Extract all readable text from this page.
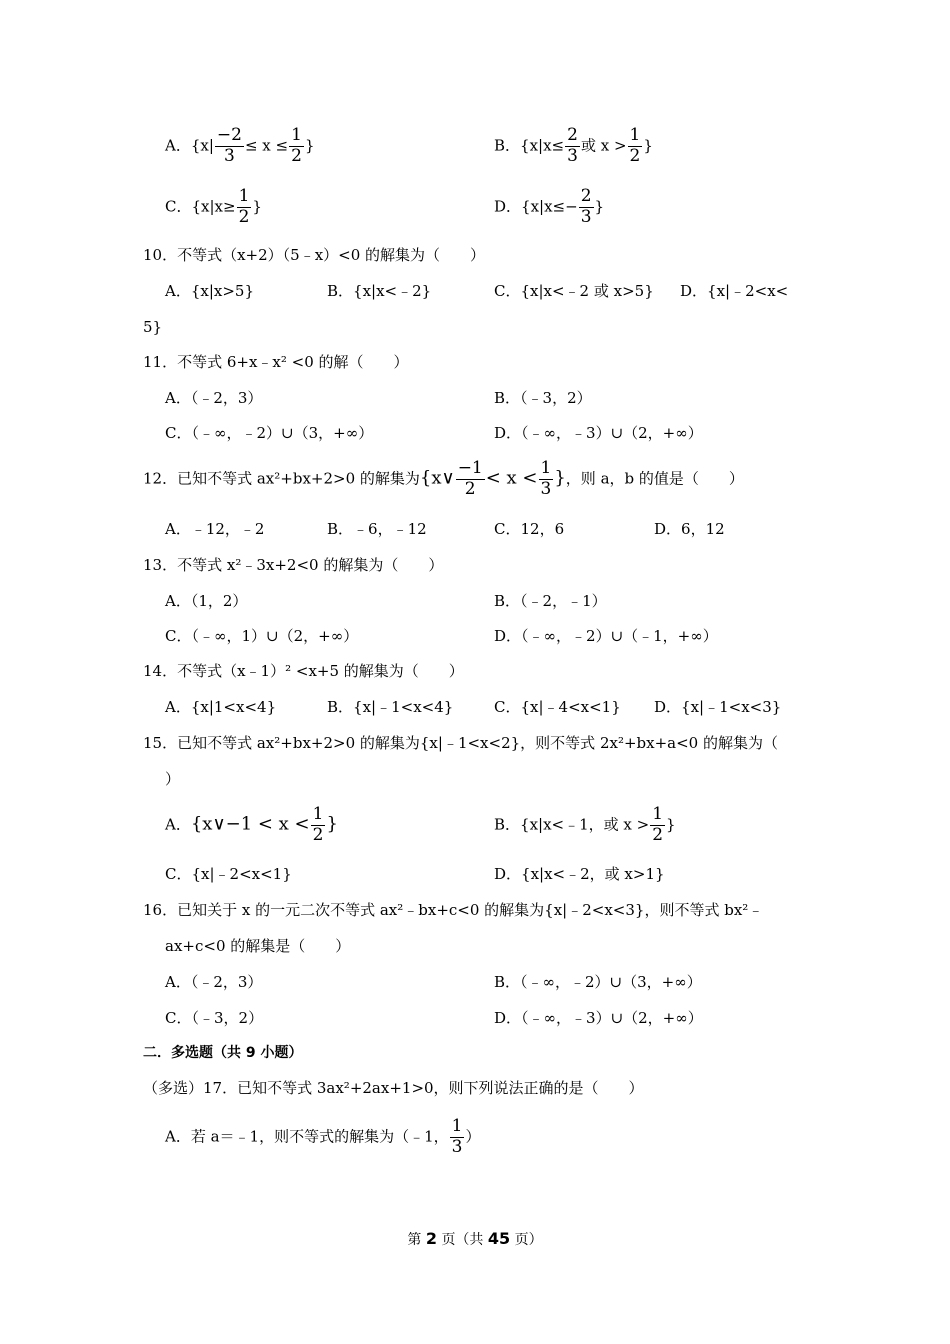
A．{$x| \frac{-2}{3} \le x \le \frac{1}{2}$ }	B．{$x|x\le \frac{2}{3}$ 或 $x > \frac{1}{2}$ }
C．{$x|x\ge \frac{1}{2}$ }	D．{$x|x\le- \frac{2}{3}$ }
10．不等式（x+2）（5﹣x）<0 的解集为（　　）
A．{x|x>5}	B．{x|x<﹣2}	C．{x|x<﹣2 或 x>5} D．{x|﹣2<x<
5}
11．不等式 6+x﹣x² <0 的解（　　）
A．（﹣2，3）	B．（﹣3，2）
C．（﹣∞，﹣2）∪（3，+∞）	D．（﹣∞，﹣3）∪（2，+∞）
12．已知不等式 ax²+bx+2>0 的解集为{x∨ $\frac{-1}{2} < x < \frac{1}{3}$ }，则 a，b 的值是（　　）
A．﹣12，﹣2	B．﹣6，﹣12	C．12，6	D．6，12
13．不等式 x²﹣3x+2<0 的解集为（　　）
A．（1，2）	B．（﹣2，﹣1）
C．（﹣∞，1）∪（2，+∞）	D．（﹣∞，﹣2）∪（﹣1，+∞）
14．不等式（x﹣1）² <x+5 的解集为（　　）
A．{x|1<x<4}	B．{x|﹣1<x<4}	C．{x|﹣4<x<1} D．{x|﹣1<x<3}
15．已知不等式 ax²+bx+2>0 的解集为{x|﹣1<x<2}，则不等式 2x²+bx+a<0 的解集为（
）
A．{x∨−1 < $x < \frac{1}{2}$ }	B．{x|x<﹣1，或 $x > \frac{1}{2}$ }
C．{x|﹣2<x<1}	D．{x|x<﹣2，或 x>1}
16．已知关于 x 的一元二次不等式 ax²﹣bx+c<0 的解集为{x|﹣2<x<3}，则不等式 bx²﹣
ax+c<0 的解集是（　　）
A．（﹣2，3）	B．（﹣∞，﹣2）∪（3，+∞）
C．（﹣3，2）	D．（﹣∞，﹣3）∪（2，+∞）
二．多选题（共 9 小题）
（多选）17．已知不等式 3ax²+2ax+1>0，则下列说法正确的是（　　）
A．若 a＝﹣1，则不等式的解集为（﹣1， $\frac{1}{3}$ ）
第 2 页（共 45 页）
